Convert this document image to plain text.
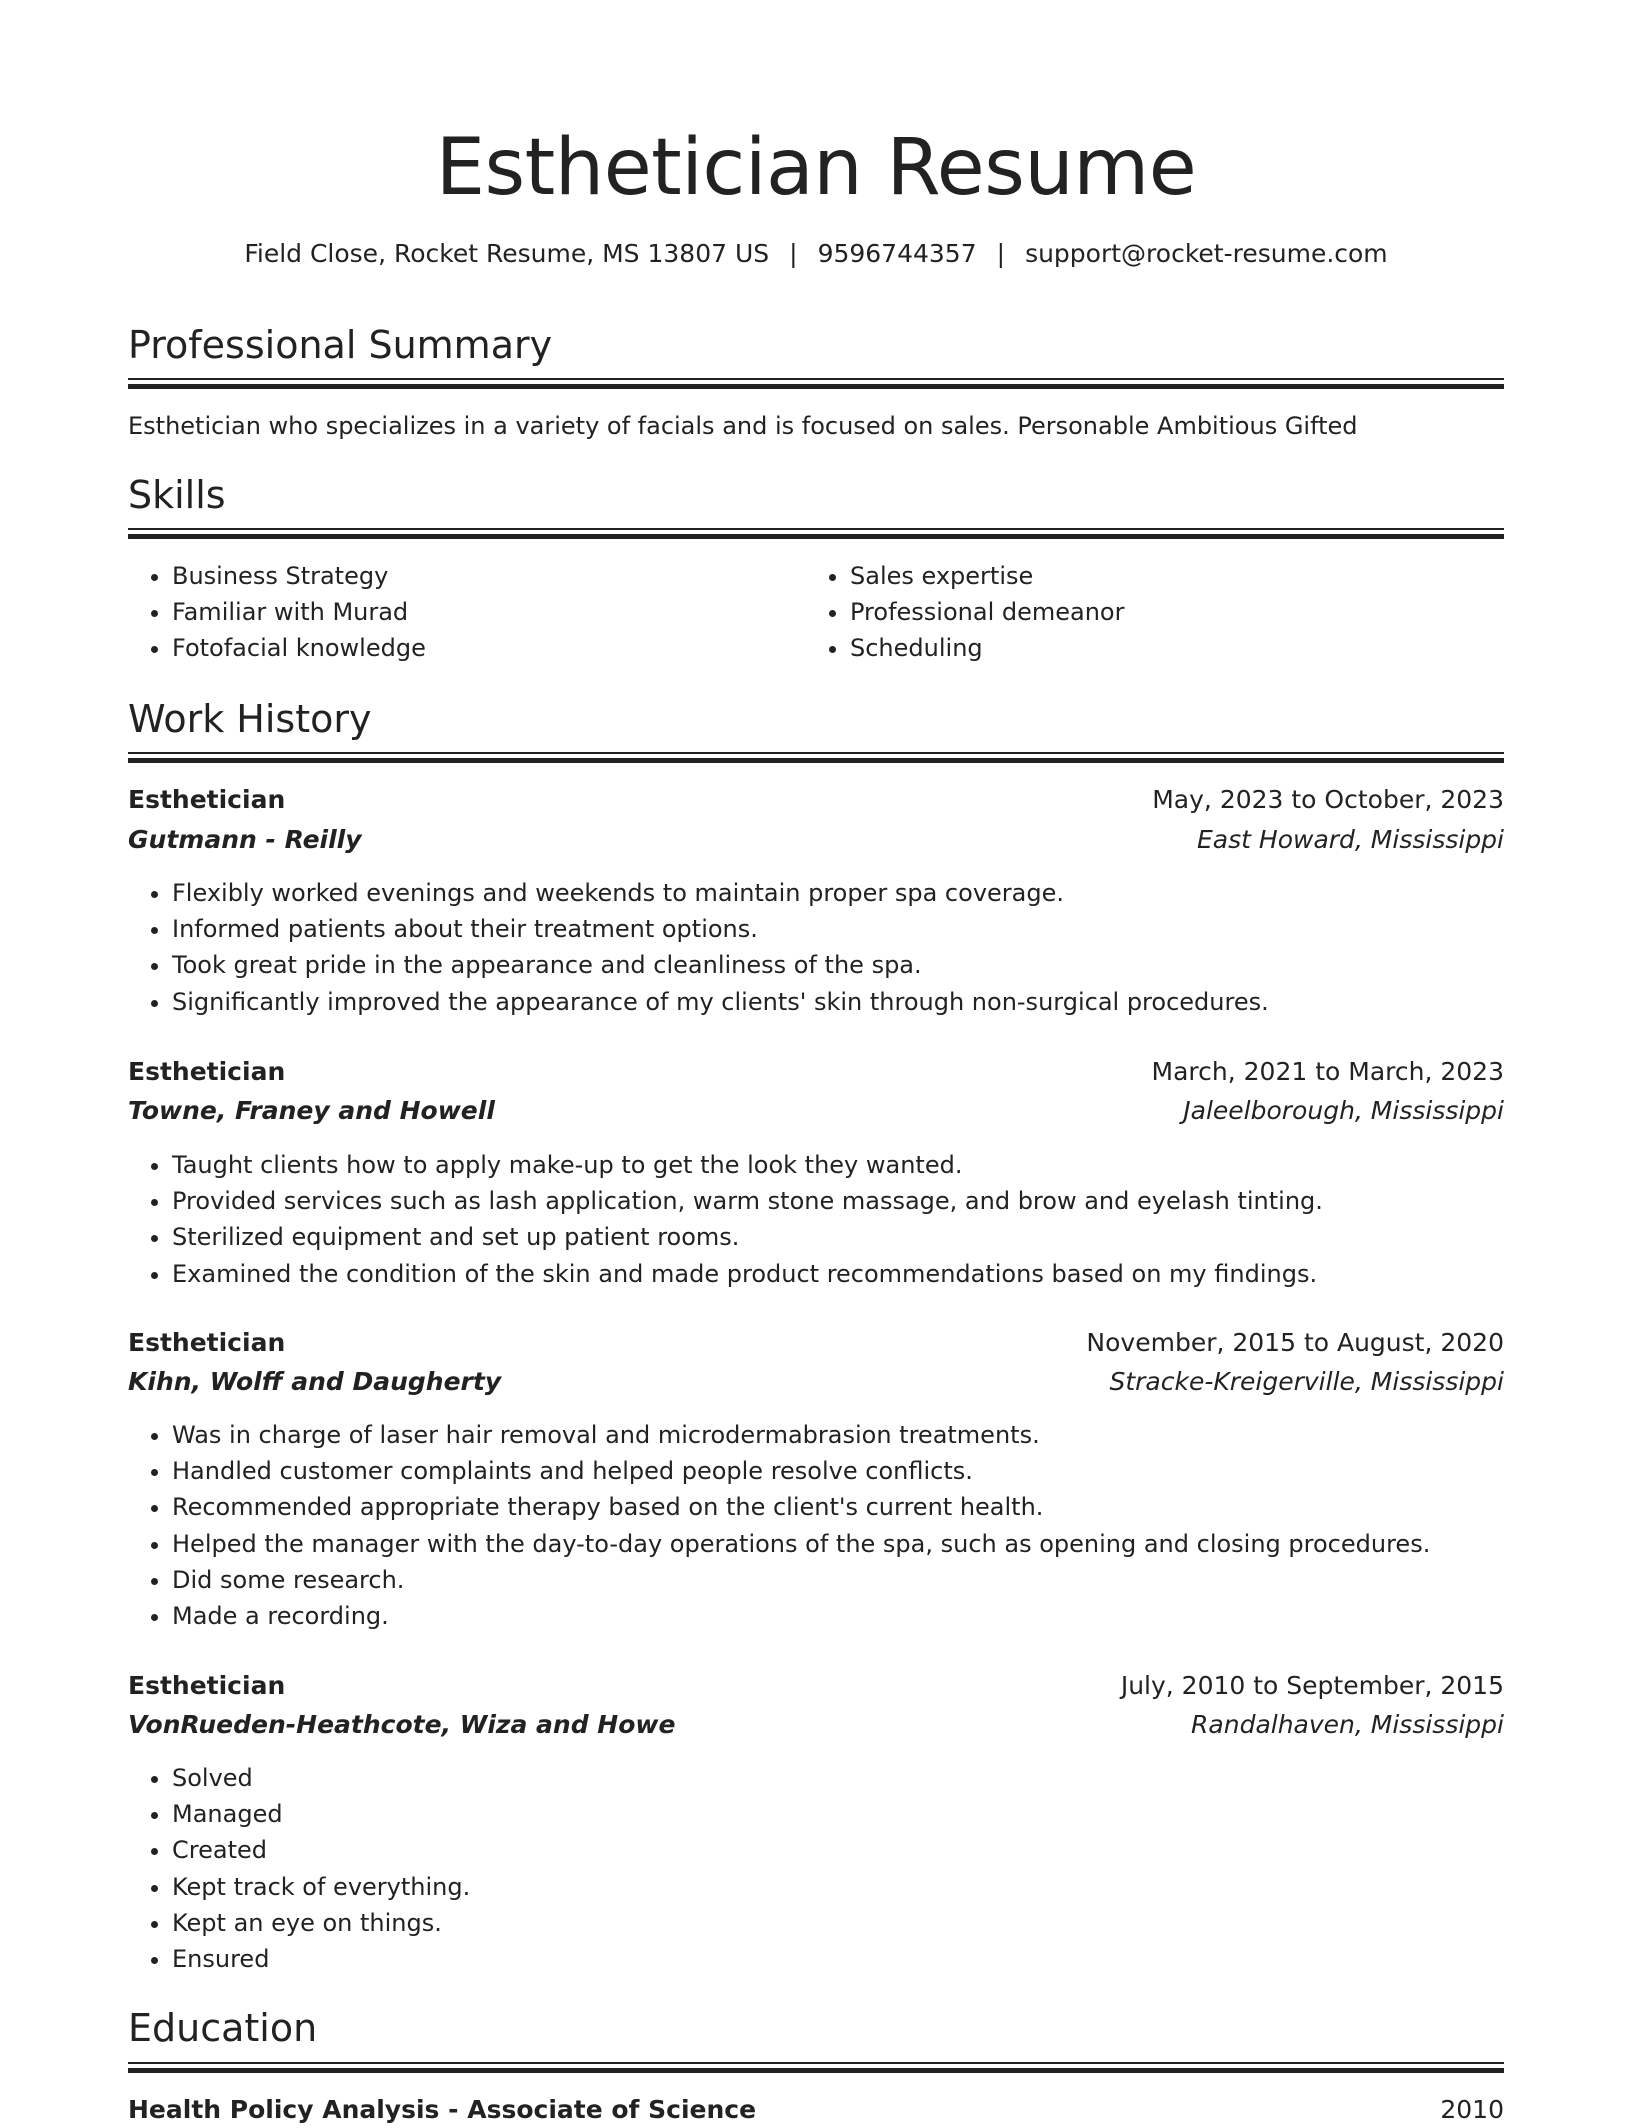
Esthetician Resume
Field Close, Rocket Resume, MS 13807 US | 9596744357 | support@rocket-resume.com
Professional Summary
Esthetician who specializes in a variety of facials and is focused on sales. Personable Ambitious Gifted
Skills
• Business Strategy
• Familiar with Murad
• Fotofacial knowledge
• Sales expertise
• Professional demeanor
• Scheduling
Work History
Esthetician	May, 2023 to October, 2023
Gutmann - Reilly	East Howard, Mississippi
• Flexibly worked evenings and weekends to maintain proper spa coverage.
• Informed patients about their treatment options.
• Took great pride in the appearance and cleanliness of the spa.
• Significantly improved the appearance of my clients' skin through non-surgical procedures.
Esthetician	March, 2021 to March, 2023
Towne, Franey and Howell	Jaleelborough, Mississippi
• Taught clients how to apply make-up to get the look they wanted.
• Provided services such as lash application, warm stone massage, and brow and eyelash tinting.
• Sterilized equipment and set up patient rooms.
• Examined the condition of the skin and made product recommendations based on my findings.
Esthetician	November, 2015 to August, 2020
Kihn, Wolff and Daugherty	Stracke-Kreigerville, Mississippi
• Was in charge of laser hair removal and microdermabrasion treatments.
• Handled customer complaints and helped people resolve conflicts.
• Recommended appropriate therapy based on the client's current health.
• Helped the manager with the day-to-day operations of the spa, such as opening and closing procedures.
• Did some research.
• Made a recording.
Esthetician	July, 2010 to September, 2015
VonRueden-Heathcote, Wiza and Howe	Randalhaven, Mississippi
• Solved
• Managed
• Created
• Kept track of everything.
• Kept an eye on things.
• Ensured
Education
Health Policy Analysis - Associate of Science	2010
